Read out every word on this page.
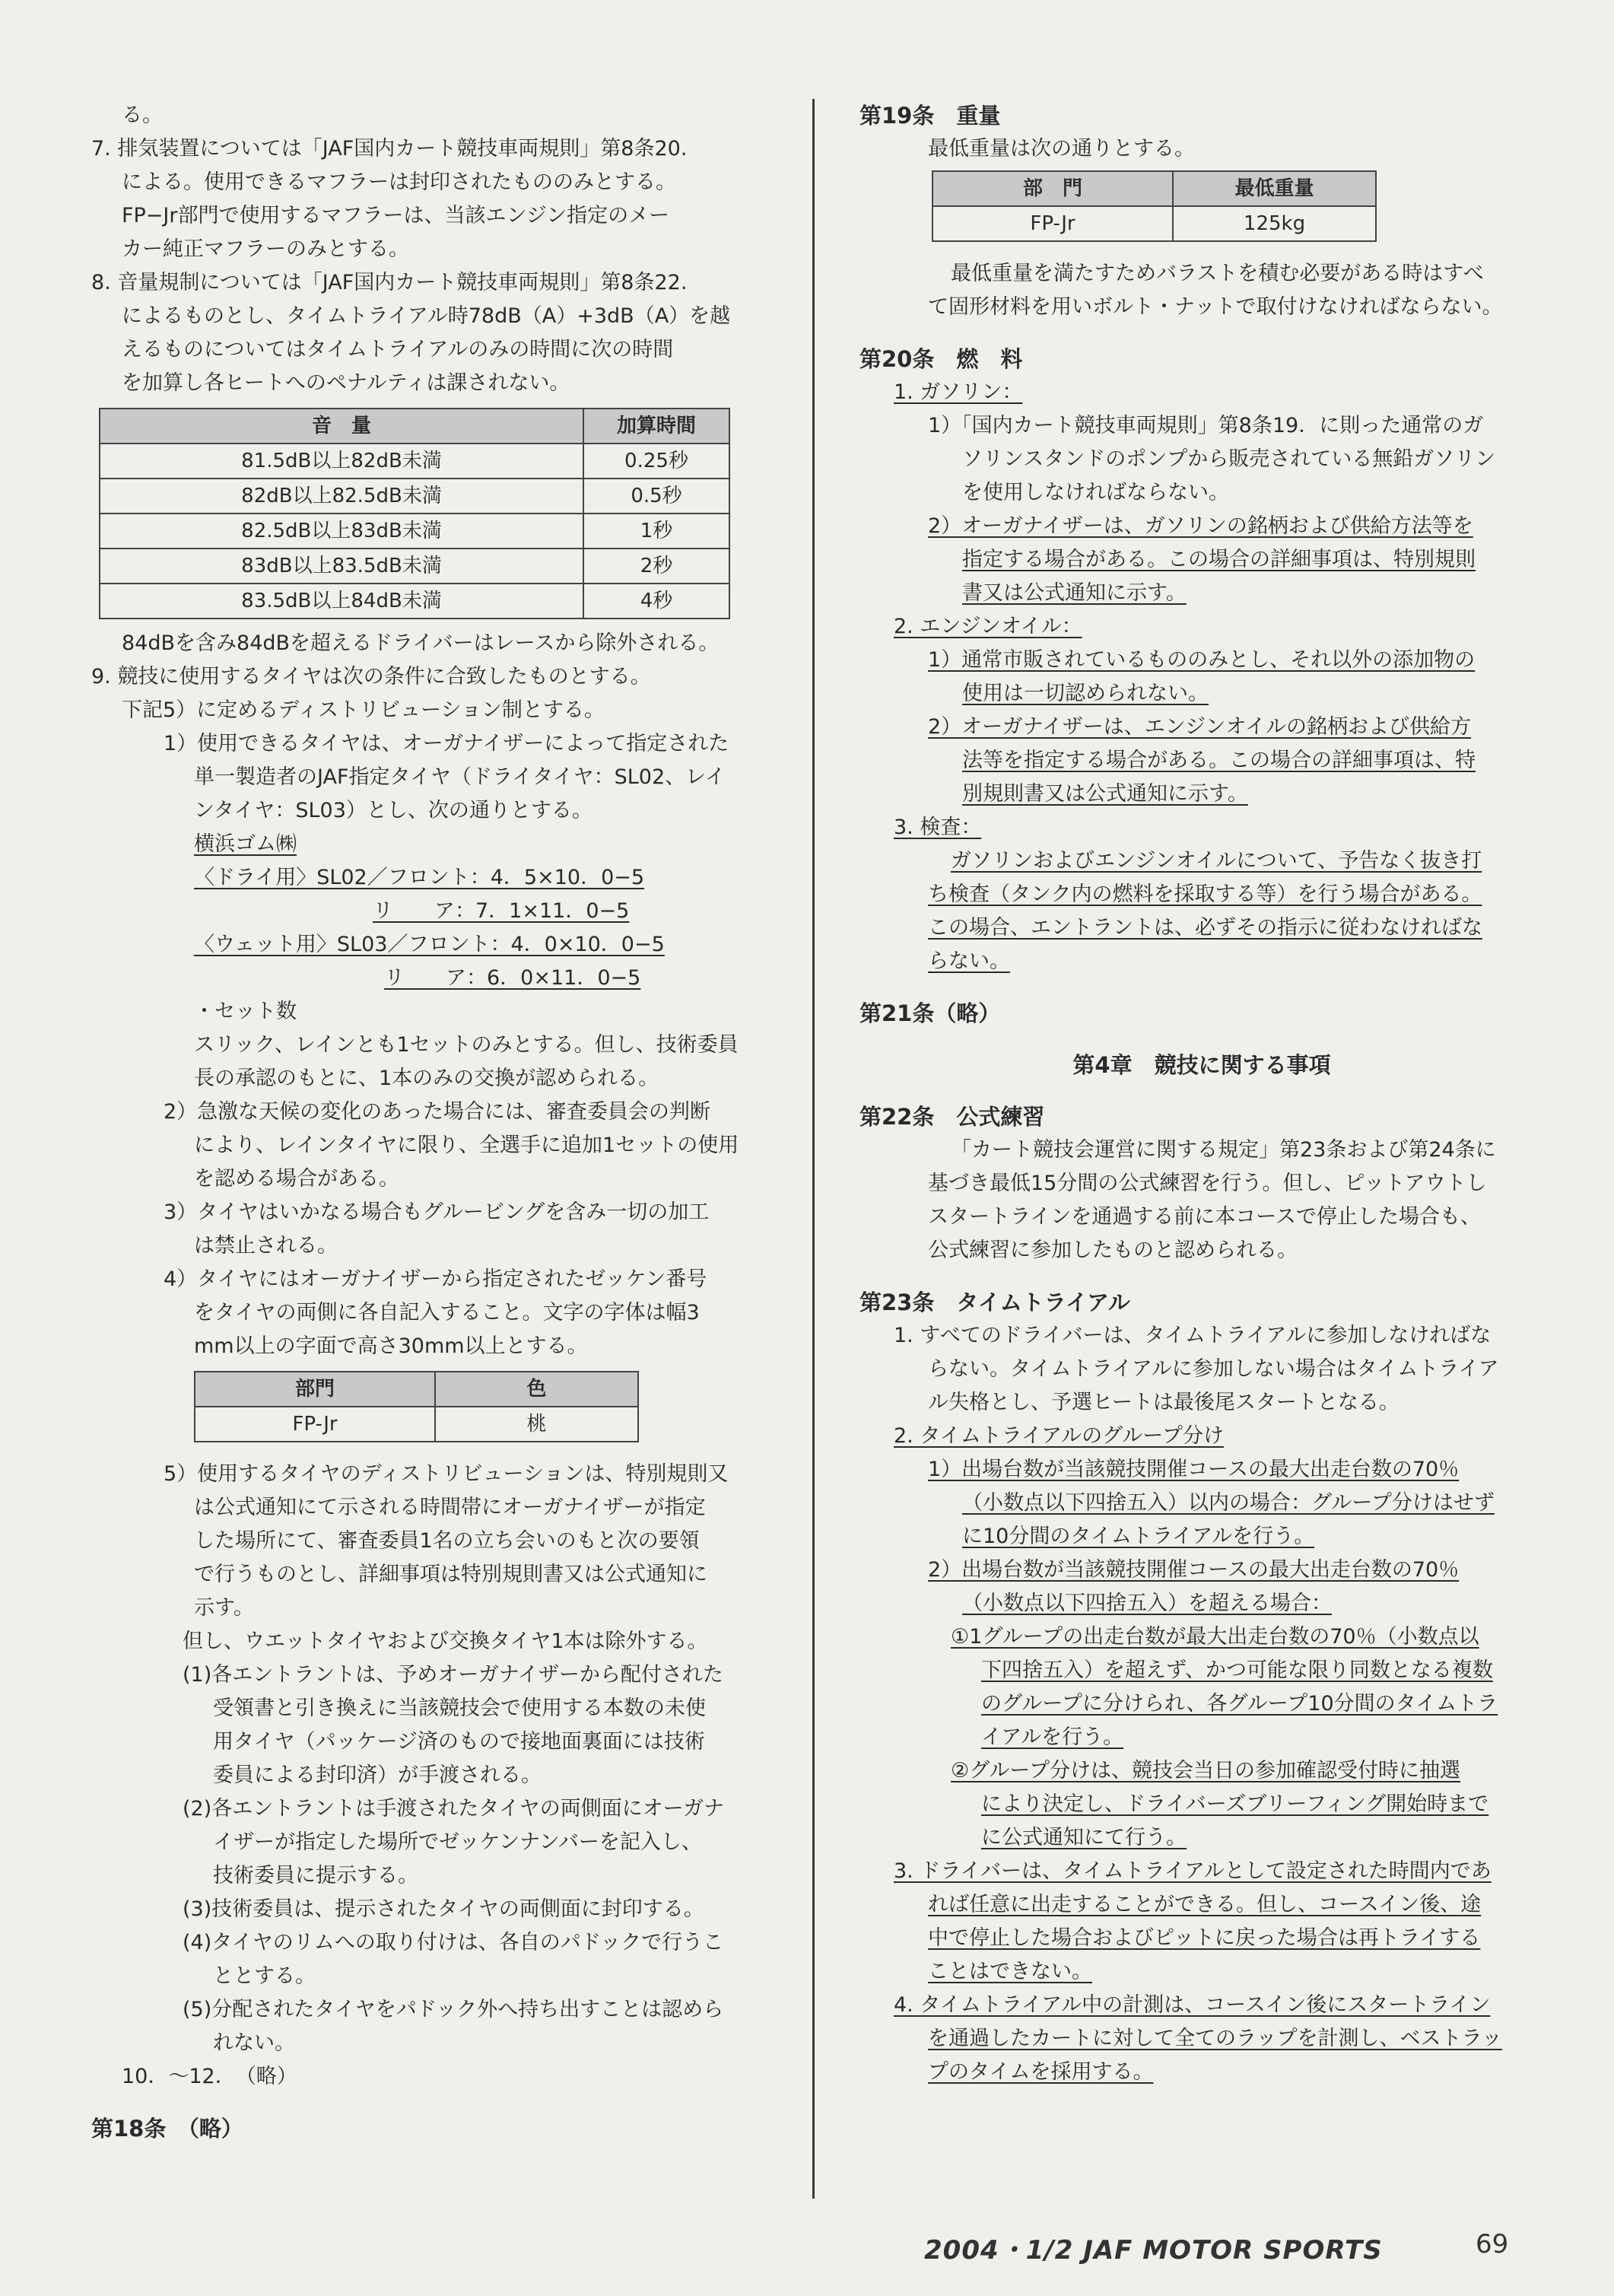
る。
7. 排気装置については「JAF国内カート競技車両規則」第8条20.
による。使用できるマフラーは封印されたもののみとする。
FP−Jr部門で使用するマフラーは、当該エンジン指定のメー
カー純正マフラーのみとする。
8. 音量規制については「JAF国内カート競技車両規則」第8条22.
によるものとし、タイムトライアル時78dB（A）+3dB（A）を越
えるものについてはタイムトライアルのみの時間に次の時間
を加算し各ヒートへのペナルティは課されない。
音　量	加算時間
81.5dB以上82dB未満	0.25秒
82dB以上82.5dB未満	0.5秒
82.5dB以上83dB未満	1秒
83dB以上83.5dB未満	2秒
83.5dB以上84dB未満	4秒
84dBを含み84dBを超えるドライバーはレースから除外される。
9. 競技に使用するタイヤは次の条件に合致したものとする。
下記5）に定めるディストリビューション制とする。
1）使用できるタイヤは、オーガナイザーによって指定された
単一製造者のJAF指定タイヤ（ドライタイヤ：SL02、レイ
ンタイヤ：SL03）とし、次の通りとする。
横浜ゴム㈱
〈ドライ用〉SL02／フロント：4．5×10．0−5
リ　　ア：7．1×11．0−5
〈ウェット用〉SL03／フロント：4．0×10．0−5
リ　　ア：6．0×11．0−5
・セット数
スリック、レインとも1セットのみとする。但し、技術委員
長の承認のもとに、1本のみの交換が認められる。
2）急激な天候の変化のあった場合には、審査委員会の判断
により、レインタイヤに限り、全選手に追加1セットの使用
を認める場合がある。
3）タイヤはいかなる場合もグルービングを含み一切の加工
は禁止される。
4）タイヤにはオーガナイザーから指定されたゼッケン番号
をタイヤの両側に各自記入すること。文字の字体は幅3
mm以上の字面で高さ30mm以上とする。
部門	色
FP-Jr	桃
5）使用するタイヤのディストリビューションは、特別規則又
は公式通知にて示される時間帯にオーガナイザーが指定
した場所にて、審査委員1名の立ち会いのもと次の要領
で行うものとし、詳細事項は特別規則書又は公式通知に
示す。
但し、ウエットタイヤおよび交換タイヤ1本は除外する。
(1)各エントラントは、予めオーガナイザーから配付された
受領書と引き換えに当該競技会で使用する本数の未使
用タイヤ（パッケージ済のもので接地面裏面には技術
委員による封印済）が手渡される。
(2)各エントラントは手渡されたタイヤの両側面にオーガナ
イザーが指定した場所でゼッケンナンバーを記入し、
技術委員に提示する。
(3)技術委員は、提示されたタイヤの両側面に封印する。
(4)タイヤのリムへの取り付けは、各自のパドックで行うこ
ととする。
(5)分配されたタイヤをパドック外へ持ち出すことは認めら
れない。
10．〜12．　（略）
第18条　（略）
第19条　重量
最低重量は次の通りとする。
部　門	最低重量
FP-Jr	125kg
最低重量を満たすためバラストを積む必要がある時はすべ
て固形材料を用いボルト・ナットで取付けなければならない。
第20条　燃　料
1. ガソリン：
1）「国内カート競技車両規則」第8条19．に則った通常のガ
ソリンスタンドのポンプから販売されている無鉛ガソリン
を使用しなければならない。
2）オーガナイザーは、ガソリンの銘柄および供給方法等を
指定する場合がある。この場合の詳細事項は、特別規則
書又は公式通知に示す。
2. エンジンオイル：
1）通常市販されているもののみとし、それ以外の添加物の
使用は一切認められない。
2）オーガナイザーは、エンジンオイルの銘柄および供給方
法等を指定する場合がある。この場合の詳細事項は、特
別規則書又は公式通知に示す。
3. 検査：
ガソリンおよびエンジンオイルについて、予告なく抜き打
ち検査（タンク内の燃料を採取する等）を行う場合がある。
この場合、エントラントは、必ずその指示に従わなければな
らない。
第21条（略）
第4章　競技に関する事項
第22条　公式練習
「カート競技会運営に関する規定」第23条および第24条に
基づき最低15分間の公式練習を行う。但し、ピットアウトし
スタートラインを通過する前に本コースで停止した場合も、
公式練習に参加したものと認められる。
第23条　タイムトライアル
1. すべてのドライバーは、タイムトライアルに参加しなければな
らない。タイムトライアルに参加しない場合はタイムトライア
ル失格とし、予選ヒートは最後尾スタートとなる。
2. タイムトライアルのグループ分け
1）出場台数が当該競技開催コースの最大出走台数の70％
（小数点以下四捨五入）以内の場合：グループ分けはせず
に10分間のタイムトライアルを行う。
2）出場台数が当該競技開催コースの最大出走台数の70％
（小数点以下四捨五入）を超える場合：
①1グループの出走台数が最大出走台数の70％（小数点以
下四捨五入）を超えず、かつ可能な限り同数となる複数
のグループに分けられ、各グループ10分間のタイムトラ
イアルを行う。
②グループ分けは、競技会当日の参加確認受付時に抽選
により決定し、ドライバーズブリーフィング開始時まで
に公式通知にて行う。
3. ドライバーは、タイムトライアルとして設定された時間内であ
れば任意に出走することができる。但し、コースイン後、途
中で停止した場合およびピットに戻った場合は再トライする
ことはできない。
4. タイムトライアル中の計測は、コースイン後にスタートライン
を通過したカートに対して全てのラップを計測し、ベストラッ
プのタイムを採用する。
2004・1/2 JAF MOTOR SPORTS	69
